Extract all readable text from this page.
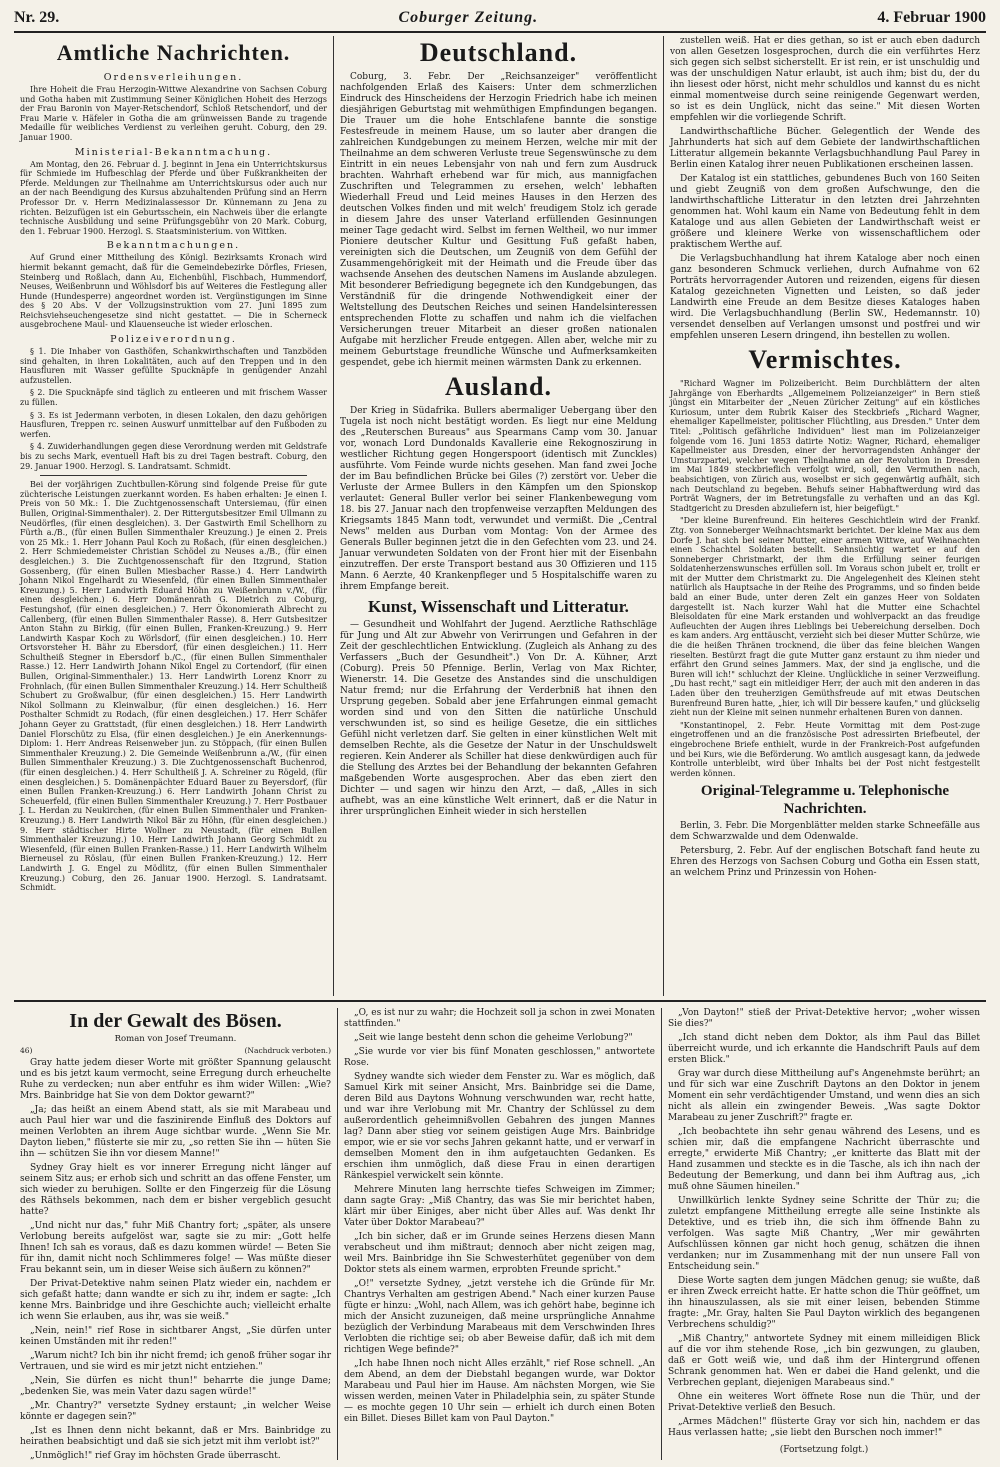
Nr. 29.	Coburger Zeitung.	4. Februar 1900
Amtliche Nachrichten.
Ordensverleihungen.

Ihre Hoheit die Frau Herzogin-Wittwe Alexandrine von Sachsen Coburg und Gotha haben mit Zustimmung Seiner Königlichen Hoheit des Herzogs der Frau Baronin von Mayer-Retschendorf, Schloß Retschendorf, und der Frau Marie v. Häfeler in Gotha die am grünweissen Bande zu tragende Medaille für weibliches Verdienst zu verleihen geruht. Coburg, den 29. Januar 1900.

Ministerial-Bekanntmachung.

Am Montag, den 26. Februar d. J. beginnt in Jena ein Unterrichtskursus für Schmiede im Hufbeschlag der Pferde und über Fußkrankheiten der Pferde. Meldungen zur Theilnahme am Unterrichtskursus oder auch nur an der nach Beendigung des Kursus abzuhaltenden Prüfung sind an Herrn Professor Dr. v. Herrn Medizinalassessor Dr. Künnemann zu Jena zu richten. Beizufügen ist ein Geburtsschein, ein Nachweis über die erlangte technische Ausbildung und seine Prüfungsgebühr von 20 Mark. Coburg, den 1. Februar 1900. Herzogl. S. Staatsministerium. von Wittken.

Bekanntmachungen.

Auf Grund einer Mittheilung des Königl. Bezirksamts Kronach wird hiermit bekannt gemacht, daß für die Gemeindebezirke Dörfles, Friesen, Steinberg und Roßlach, dann Au, Eichenbühl, Fischbach, Hummendorf, Neuses, Weißenbrunn und Wöhlsdorf bis auf Weiteres die Festlegung aller Hunde (Hundesperre) angeordnet worden ist. Vergünstigungen im Sinne des § 20 Abs. V der Vollzugsinstruktion vom 27. Juni 1895 zum Reichsviehseuchengesetze sind nicht gestattet. — Die in Scherneck ausgebrochene Maul- und Klauenseuche ist wieder erloschen.

Polizeiverordnung.

§ 1. Die Inhaber von Gasthöfen, Schankwirthschaften und Tanzböden sind gehalten, in ihren Lokalitäten, auch auf den Treppen und in den Hausfluren mit Wasser gefüllte Spucknäpfe in genügender Anzahl aufzustellen.

§ 2. Die Spucknäpfe sind täglich zu entleeren und mit frischem Wasser zu füllen.

§ 3. Es ist Jedermann verboten, in diesen Lokalen, den dazu gehörigen Hausfluren, Treppen rc. seinen Auswurf unmittelbar auf den Fußboden zu werfen.

§ 4. Zuwiderhandlungen gegen diese Verordnung werden mit Geldstrafe bis zu sechs Mark, eventuell Haft bis zu drei Tagen bestraft. Coburg, den 29. Januar 1900. Herzogl. S. Landratsamt. Schmidt.

Bei der vorjährigen Zuchtbullen-Körung sind folgende Preise für gute züchterische Leistungen zuerkannt worden. Es haben erhalten: Je einen I. Preis von 50 Mk.: 1. Die Zuchtgenossenschaft Untersiemau, (für einen Bullen, Original-Simmenthaler). 2. Der Rittergutsbesitzer Emil Ullmann zu Neudörfles, (für einen desgleichen). 3. Der Gastwirth Emil Schellhorn zu Fürth a./B., (für einen Bullen Simmenthaler Kreuzung.) Je einen 2. Preis von 25 Mk.: 1. Herr Johann Paul Koch zu Roßach, (für einen desgleichen.) 2. Herr Schmiedemeister Christian Schödel zu Neuses a./B., (für einen desgleichen.) 3. Die Zuchtgenossenschaft für den Itzgrund, Station Gossenberg, (für einen Bullen Miesbacher Rasse.) 4. Herr Landwirth Johann Nikol Engelhardt zu Wiesenfeld, (für einen Bullen Simmenthaler Kreuzung.) 5. Herr Landwirth Eduard Höhn zu Weißenbrunn v./W., (für einen desgleichen.) 6. Herr Domänenrath G. Dietrich zu Coburg, Festungshof, (für einen desgleichen.) 7. Herr Ökonomierath Albrecht zu Callenberg, (für einen Bullen Simmenthaler Rasse). 8. Herr Gutsbesitzer Anton Stahn zu Birkig, (für einen Bullen, Franken-Kreuzung.) 9. Herr Landwirth Kaspar Koch zu Wörlsdorf, (für einen desgleichen.) 10. Herr Ortsvorsteher H. Bähr zu Ebersdorf, (für einen desgleichen.) 11. Herr Schultheiß Stegner in Ebersdorf b./C., (für einen Bullen Simmenthaler Rasse.) 12. Herr Landwirth Johann Nikol Engel zu Cortendorf, (für einen Bullen, Original-Simmenthaler.) 13. Herr Landwirth Lorenz Knorr zu Frohnlach, (für einen Bullen Simmenthaler Kreuzung.) 14. Herr Schultheiß Schubert zu Großwalbur, (für einen desgleichen.) 15. Herr Landwirth Nikol Sollmann zu Kleinwalbur, (für einen desgleichen.) 16. Herr Posthalter Schmidt zu Rodach, (für einen desgleichen.) 17. Herr Schäfer Johann Geyer zu Grattstadt, (für einen desgleichen.) 18. Herr Landwirth Daniel Florschütz zu Elsa, (für einen desgleichen.) Je ein Anerkennungs-Diplom: 1. Herr Andreas Reisenweber jun. zu Stöppach, (für einen Bullen Simmenthaler Kreuzung.) 2. Die Gemeinde Weißenbrunn a./W., (für einen Bullen Simmenthaler Kreuzung.) 3. Die Zuchtgenossenschaft Buchenrod, (für einen desgleichen.) 4. Herr Schultheiß J. A. Schreiner zu Rögeld, (für einen desgleichen.) 5. Domänenpächter Eduard Bauer zu Beyersdorf, (für einen Bullen Franken-Kreuzung.) 6. Herr Landwirth Johann Christ zu Scheuerfeld, (für einen Bullen Simmenthaler Kreuzung.) 7. Herr Postbauer J. L. Herdan zu Neukirchen, (für einen Bullen Simmenthaler und Franken-Kreuzung.) 8. Herr Landwirth Nikol Bär zu Höhn, (für einen desgleichen.) 9. Herr städtischer Hirte Wollner zu Neustadt, (für einen Bullen Simmenthaler Kreuzung.) 10. Herr Landwirth Johann Georg Schmidt zu Wiesenfeld, (für einen Bullen Franken-Rasse.) 11. Herr Landwirth Wilhelm Bierneusel zu Röslau, (für einen Bullen Franken-Kreuzung.) 12. Herr Landwirth J. G. Engel zu Mödlitz, (für einen Bullen Simmenthaler Kreuzung.) Coburg, den 26. Januar 1900. Herzogl. S. Landratsamt. Schmidt.

Deutschland.

Coburg, 3. Febr. Der „Reichsanzeiger" veröffentlicht nachfolgenden Erlaß des Kaisers: Unter dem schmerzlichen Eindruck des Hinscheidens der Herzogin Friedrich habe ich meinen diesjährigen Geburtstag mit wehmüthigen Empfindungen begangen. Die Trauer um die hohe Entschlafene bannte die sonstige Festesfreude in meinem Hause, um so lauter aber drangen die zahlreichen Kundgebungen zu meinem Herzen, welche mir mit der Theilnahme an dem schweren Verluste treue Segenswünsche zu dem Eintritt in ein neues Lebensjahr von nah und fern zum Ausdruck brachten. Wahrhaft erhebend war für mich, aus mannigfachen Zuschriften und Telegrammen zu ersehen, welch' lebhaften Wiederhall Freud und Leid meines Hauses in den Herzen des deutschen Volkes finden und mit welch' freudigem Stolz ich gerade in diesem Jahre des unser Vaterland erfüllenden Gesinnungen meiner Tage gedacht wird. Selbst im fernen Weltheil, wo nur immer Pioniere deutscher Kultur und Gesittung Fuß gefaßt haben, vereinigten sich die Deutschen, um Zeugniß von dem Gefühl der Zusammengehörigkeit mit der Heimath und die Freude über das wachsende Ansehen des deutschen Namens im Auslande abzulegen. Mit besonderer Befriedigung begegnete ich den Kundgebungen, das Verständniß für die dringende Nothwendigkeit einer der Weltstellung des Deutschen Reiches und seinen Handelsinteressen entsprechenden Flotte zu schaffen und nahm ich die vielfachen Versicherungen treuer Mitarbeit an dieser großen nationalen Aufgabe mit herzlicher Freude entgegen. Allen aber, welche mir zu meinem Geburtstage freundliche Wünsche und Aufmerksamkeiten gespendet, gebe ich hiermit meinen wärmsten Dank zu erkennen.

Ausland.

Der Krieg in Südafrika. Bullers abermaliger Uebergang über den Tugela ist noch nicht bestätigt worden. Es liegt nur eine Meldung des „Reuterschen Bureaus" aus Spearmans Camp vom 30. Januar vor, wonach Lord Dundonalds Kavallerie eine Rekognoszirung in westlicher Richtung gegen Hongerspoort (identisch mit Zunckles) ausführte. Vom Feinde wurde nichts gesehen. Man fand zwei Joche der im Bau befindlichen Brücke bei Giles (?) zerstört vor. Ueber die Verluste der Armee Bullers in den Kämpfen um den Spionskop verlautet: General Buller verlor bei seiner Flankenbewegung vom 18. bis 27. Januar nach den tropfenweise verzapften Meldungen des Kriegsamts 1845 Mann todt, verwundet und vermißt. Die „Central News" melden aus Durban vom Montag: Von der Armee des Generals Buller beginnen jetzt die in den Gefechten vom 23. und 24. Januar verwundeten Soldaten von der Front hier mit der Eisenbahn einzutreffen. Der erste Transport bestand aus 30 Offizieren und 115 Mann. 6 Aerzte, 40 Krankenpfleger und 5 Hospitalschiffe waren zu ihrem Empfange bereit.

Kunst, Wissenschaft und Litteratur.

— Gesundheit und Wohlfahrt der Jugend. Aerztliche Rathschläge für Jung und Alt zur Abwehr von Verirrungen und Gefahren in der Zeit der geschlechtlichen Entwicklung. (Zugleich als Anhang zu des Verfassers „Buch der Gesundheit".) Von Dr. A. Kühner, Arzt (Coburg). Preis 50 Pfennige. Berlin, Verlag von Max Richter, Wienerstr. 14. Die Gesetze des Anstandes sind die unschuldigen Natur fremd; nur die Erfahrung der Verderbniß hat ihnen den Ursprung gegeben. Sobald aber jene Erfahrungen einmal gemacht worden sind und von den Sitten die natürliche Unschuld verschwunden ist, so sind es heilige Gesetze, die ein sittliches Gefühl nicht verletzen darf. Sie gelten in einer künstlichen Welt mit demselben Rechte, als die Gesetze der Natur in der Unschuldswelt regieren. Kein Anderer als Schiller hat diese denkwürdigen auch für die Stellung des Arztes bei der Behandlung der bekannten Gefahren maßgebenden Worte ausgesprochen. Aber das eben ziert den Dichter — und sagen wir hinzu den Arzt, — daß, „Alles in sich aufhebt, was an eine künstliche Welt erinnert, daß er die Natur in ihrer ursprünglichen Einheit wieder in sich herstellen

zustellen weiß. Hat er dies gethan, so ist er auch eben dadurch von allen Gesetzen losgesprochen, durch die ein verführtes Herz sich gegen sich selbst sicherstellt. Er ist rein, er ist unschuldig und was der unschuldigen Natur erlaubt, ist auch ihm; bist du, der du ihn liesest oder hörst, nicht mehr schuldlos und kannst du es nicht einmal momentweise durch seine reinigende Gegenwart werden, so ist es dein Unglück, nicht das seine." Mit diesen Worten empfehlen wir die vorliegende Schrift.

Landwirthschaftliche Bücher. Gelegentlich der Wende des Jahrhunderts hat sich auf dem Gebiete der landwirthschaftlichen Litteratur allgemein bekannte Verlagsbuchhandlung Paul Parey in Berlin einen Katalog ihrer neuen Publikationen erscheinen lassen.

Der Katalog ist ein stattliches, gebundenes Buch von 160 Seiten und giebt Zeugniß von dem großen Aufschwunge, den die landwirthschaftliche Litteratur in den letzten drei Jahrzehnten genommen hat. Wohl kaum ein Name von Bedeutung fehlt in dem Kataloge und aus allen Gebieten der Landwirthschaft weist er größere und kleinere Werke von wissenschaftlichem oder praktischem Werthe auf.

Die Verlagsbuchhandlung hat ihrem Kataloge aber noch einen ganz besonderen Schmuck verliehen, durch Aufnahme von 62 Porträts hervorragender Autoren und reizenden, eigens für diesen Katalog gezeichneten Vignetten und Leisten, so daß jeder Landwirth eine Freude an dem Besitze dieses Kataloges haben wird. Die Verlagsbuchhandlung (Berlin SW., Hedemannstr. 10) versendet denselben auf Verlangen umsonst und postfrei und wir empfehlen unseren Lesern dringend, ihn bestellen zu wollen.

Vermischtes.

"Richard Wagner im Polizeibericht. Beim Durchblättern der alten Jahrgänge von Eberhardts „Allgemeinem Polizeianzeiger" in Bern stieß jüngst ein Mitarbeiter der „Neuen Züricher Zeitung" auf ein köstliches Kuriosum, unter dem Rubrik Kaiser des Steckbriefs „Richard Wagner, ehemaliger Kapellmeister, politischer Flüchtling, aus Dresden." Unter dem Titel: „Politisch gefährliche Individuen" liest man im Polizeianzeiger folgende vom 16. Juni 1853 datirte Notiz: Wagner, Richard, ehemaliger Kapellmeister aus Dresden, einer der hervorragendsten Anhänger der Umsturzpartei, welcher wegen Theilnahme an der Revolution in Dresden im Mai 1849 steckbrieflich verfolgt wird, soll, den Vermuthen nach, beabsichtigen, von Zürich aus, woselbst er sich gegenwärtig aufhält, sich nach Deutschland zu begeben. Behufs seiner Habhaftwerdung wird das Porträt Wagners, der im Betretungsfalle zu verhaften und an das Kgl. Stadtgericht zu Dresden abzuliefern ist, hier beigefügt."

"Der kleine Burenfreund. Ein heiteres Geschichtlein wird der Frankf. Ztg. von Sonneberger Weihnachtsmarkt berichtet. Der kleine Max aus dem Dorfe J. hat sich bei seiner Mutter, einer armen Wittwe, auf Weihnachten einen Schachtel Soldaten bestellt. Sehnsüchtig wartet er auf den Sonneberger Christmarkt, der ihm die Erfüllung seiner feurigen Soldatenherzenswunsches erfüllen soll. Im Voraus schon jubelt er, trollt er mit der Mutter dem Christmarkt zu. Die Angelegenheit des Kleinen steht natürlich als Hauptsache in der Reihe des Programms, und so finden beide bald an einer Bude, unter deren Zelt ein ganzes Heer von Soldaten dargestellt ist. Nach kurzer Wahl hat die Mutter eine Schachtel Bleisoldaten für eine Mark erstanden und wohlverpackt an das freudige Aufleuchten der Augen ihres Lieblings bei Uebereichung derselben. Doch es kam anders. Arg enttäuscht, verzieht sich bei dieser Mutter Schürze, wie die die heißen Thränen trocknend, die über das feine bleichen Wangen rieselten. Bestürzt fragt die gute Mutter ganz erstaunt zu ihm nieder und erfährt den Grund seines Jammers. Max, der sind ja englische, und die Buren will ich!" schluchzt der Kleine. Unglückliche in seiner Verzweiflung. „Du hast recht," sagt ein mitleidiger Herr, der auch mit den anderen in das Laden über den treuherzigen Gemüthsfreude auf mit etwas Deutschen Burenfreund Buren hatte, „hier, ich will Dir bessere kaufen," und glückselig zieht nun der Kleine mit seinen nunmehr erhaltenen Buren von dannen.

"Konstantinopel, 2. Febr. Heute Vormittag mit dem Post-zuge eingetroffenen und an die französische Post adressirten Briefbeutel, der eingebrochene Briefe enthielt, wurde in der Frankreich-Post aufgefunden und bei Kurs, wie die Beförderung. Wo amtlich ausgesagt kann, da jedwede Kontrolle unterbleibt, wird über Inhalts bei der Post nicht festgestellt werden können.

Original-Telegramme u. Telephonische Nachrichten.

Berlin, 3. Febr. Die Morgenblätter melden starke Schneefälle aus dem Schwarzwalde und dem Odenwalde.

Petersburg, 2. Febr. Auf der englischen Botschaft fand heute zu Ehren des Herzogs von Sachsen Coburg und Gotha ein Essen statt, an welchem Prinz und Prinzessin von Hohen-

In der Gewalt des Bösen.
Roman von Josef Treumann.
46)	(Nachdruck verboten.)

Gray hatte jedem dieser Worte mit größter Spannung gelauscht und es bis jetzt kaum vermocht, seine Erregung durch erheuchelte Ruhe zu verdecken; nun aber entfuhr es ihm wider Willen: „Wie? Mrs. Bainbridge hat Sie von dem Doktor gewarnt?"

„Ja; das heißt an einem Abend statt, als sie mit Marabeau und auch Paul hier war und die faszinirende Einfluß des Doktors auf meinen Verlobten an ihrem Auge sichtbar wurde. „Wenn Sie Mr. Dayton lieben," flüsterte sie mir zu, „so retten Sie ihn — hüten Sie ihn — schützen Sie ihn vor diesem Manne!"

Sydney Gray hielt es vor innerer Erregung nicht länger auf seinem Sitz aus; er erhob sich und schritt an das offene Fenster, um sich wieder zu beruhigen. Sollte er den Fingerzeig für die Lösung des Räthsels bekommen, nach dem er bisher vergeblich gesucht hatte?

„Und nicht nur das," fuhr Miß Chantry fort; „später, als unsere Verlobung bereits aufgelöst war, sagte sie zu mir: „Gott helfe Ihnen! Ich sah es voraus, daß es dazu kommen würde! — Beten Sie für ihn, damit nicht noch Schlimmeres folge! — Was müßte dieser Frau bekannt sein, um in dieser Weise sich äußern zu können?"

Der Privat-Detektive nahm seinen Platz wieder ein, nachdem er sich gefaßt hatte; dann wandte er sich zu ihr, indem er sagte: „Ich kenne Mrs. Bainbridge und ihre Geschichte auch; vielleicht erhalte ich wenn Sie erlauben, aus ihr, was sie weiß."

„Nein, nein!" rief Rose in sichtbarer Angst, „Sie dürfen unter keinen Umständen mit ihr reden!"

„Warum nicht? Ich bin ihr nicht fremd; ich genoß früher sogar ihr Vertrauen, und sie wird es mir jetzt nicht entziehen."

„Nein, Sie dürfen es nicht thun!" beharrte die junge Dame; „bedenken Sie, was mein Vater dazu sagen würde!"

„Mr. Chantry?" versetzte Sydney erstaunt; „in welcher Weise könnte er dagegen sein?"

„Ist es Ihnen denn nicht bekannt, daß er Mrs. Bainbridge zu heirathen beabsichtigt und daß sie sich jetzt mit ihm verlobt ist?"

„Unmöglich!" rief Gray im höchsten Grade überrascht.

„O, es ist nur zu wahr; die Hochzeit soll ja schon in zwei Monaten stattfinden."

„Seit wie lange besteht denn schon die geheime Verlobung?"

„Sie wurde vor vier bis fünf Monaten geschlossen," antwortete Rose.

Sydney wandte sich wieder dem Fenster zu. War es möglich, daß Samuel Kirk mit seiner Ansicht, Mrs. Bainbridge sei die Dame, deren Bild aus Daytons Wohnung verschwunden war, recht hatte, und war ihre Verlobung mit Mr. Chantry der Schlüssel zu dem außerordentlich geheimnißvollen Gebahren des jungen Mannes lag? Dann aber stieg vor seinem geistigen Auge Mrs. Bainbridge empor, wie er sie vor sechs Jahren gekannt hatte, und er verwarf in demselben Moment den in ihm aufgetauchten Gedanken. Es erschien ihm unmöglich, daß diese Frau in einen derartigen Ränkespiel verwickelt sein könnte.

Mehrere Minuten lang herrschte tiefes Schweigen im Zimmer; dann sagte Gray: „Miß Chantry, das was Sie mir berichtet haben, klärt mir über Einiges, aber nicht über Alles auf. Was denkt Ihr Vater über Doktor Marabeau?"

„Ich bin sicher, daß er im Grunde seines Herzens diesen Mann verabscheut und ihm mißtraut; dennoch aber nicht zeigen mag, weil Mrs. Bainbridge ihn Sie Schwesterhütet gegenüber von dem Doktor stets als einem warmen, erprobten Freunde spricht."

„O!" versetzte Sydney, „jetzt verstehe ich die Gründe für Mr. Chantrys Verhalten am gestrigen Abend." Nach einer kurzen Pause fügte er hinzu: „Wohl, nach Allem, was ich gehört habe, beginne ich mich der Ansicht zuzuneigen, daß meine ursprüngliche Annahme bezüglich der Verbindung Marabeaus mit dem Verschwinden Ihres Verlobten die richtige sei; ob aber Beweise dafür, daß ich mit dem richtigen Wege befinde?"

„Ich habe Ihnen noch nicht Alles erzählt," rief Rose schnell. „An dem Abend, an dem der Diebstahl begangen wurde, war Doktor Marabeau und Paul hier im Hause. Am nächsten Morgen, wie Sie wissen werden, meinen Vater in Philadelphia sein, zu später Stunde — es mochte gegen 10 Uhr sein — erhielt ich durch einen Boten ein Billet. Dieses Billet kam von Paul Dayton."

„Von Dayton!" stieß der Privat-Detektive hervor; „woher wissen Sie dies?"

„Ich stand dicht neben dem Doktor, als ihm Paul das Billet überreicht wurde, und ich erkannte die Handschrift Pauls auf dem ersten Blick."

Gray war durch diese Mittheilung auf's Angenehmste berührt; an und für sich war eine Zuschrift Daytons an den Doktor in jenem Moment ein sehr verdächtigender Umstand, und wenn dies an sich nicht als allein ein zwingender Beweis. „Was sagte Doktor Marabeau zu jener Zuschrift?" fragte er.

„Ich beobachtete ihn sehr genau während des Lesens, und es schien mir, daß die empfangene Nachricht überraschte und erregte," erwiderte Miß Chantry; „er knitterte das Blatt mit der Hand zusammen und steckte es in die Tasche, als ich ihn nach der Bedeutung der Bemerkung, und dann bei ihm Auftrag aus, „ich muß ohne Säumen hineilen."

Unwillkürlich lenkte Sydney seine Schritte der Thür zu; die zuletzt empfangene Mittheilung erregte alle seine Instinkte als Detektive, und es trieb ihn, die sich ihm öffnende Bahn zu verfolgen. Was sagte Miß Chantry, „Wer mir gewährten Aufschlüssen können gar nicht hoch genug, schätzen die ihnen verdanken; nur im Zusammenhang mit der nun unsere Fall von Entscheidung sein."

Diese Worte sagten dem jungen Mädchen genug; sie wußte, daß er ihren Zweck erreicht hatte. Er hatte schon die Thür geöffnet, um ihn hinauszulassen, als sie mit einer leisen, bebenden Stimme fragte: „Mr. Gray, halten Sie Paul Dayton wirklich des begangenen Verbrechens schuldig?"

„Miß Chantry," antwortete Sydney mit einem milleidigen Blick auf die vor ihm stehende Rose, „ich bin gezwungen, zu glauben, daß er Gott weiß wie, und daß ihm der Hintergrund offenen Schrank genommen hat. Wen er dabei die Hand gelenkt, und die Verbrechen geplant, diejenigen Marabeaus sind."

Ohne ein weiteres Wort öffnete Rose nun die Thür, und der Privat-Detektive verließ den Besuch.

„Armes Mädchen!" flüsterte Gray vor sich hin, nachdem er das Haus verlassen hatte; „sie liebt den Burschen noch immer!"

(Fortsetzung folgt.)
